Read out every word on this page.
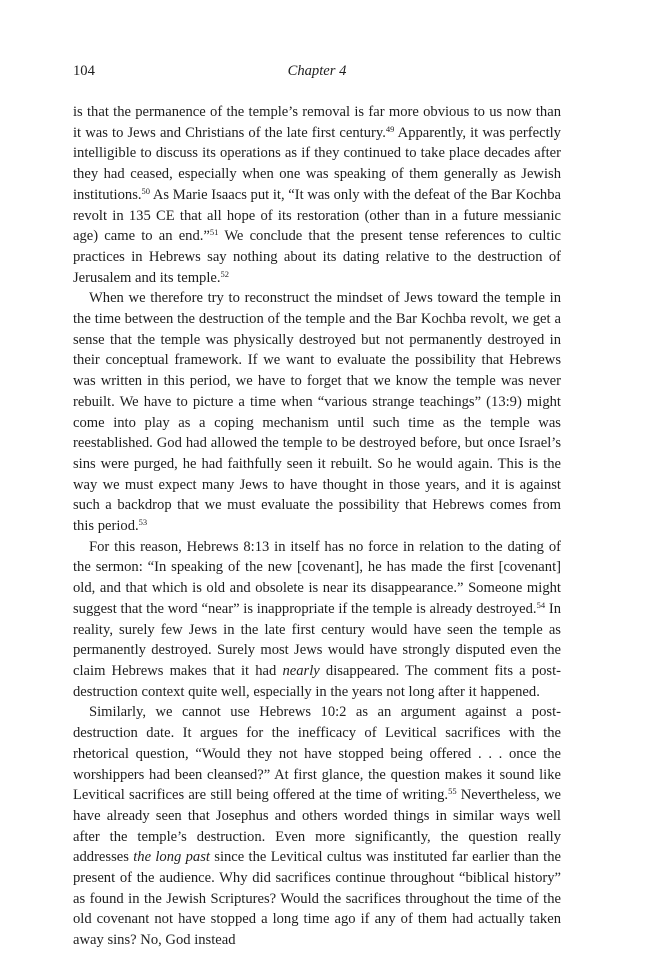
104	Chapter 4

is that the permanence of the temple’s removal is far more obvious to us now than it was to Jews and Christians of the late first century.$^{49}$ Apparently, it was perfectly intelligible to discuss its operations as if they continued to take place decades after they had ceased, especially when one was speaking of them generally as Jewish institutions.$^{50}$ As Marie Isaacs put it, “It was only with the defeat of the Bar Kochba revolt in 135 CE that all hope of its restoration (other than in a future messianic age) came to an end.”$^{51}$ We conclude that the present tense references to cultic practices in Hebrews say nothing about its dating relative to the destruction of Jerusalem and its temple.$^{52}$

When we therefore try to reconstruct the mindset of Jews toward the temple in the time between the destruction of the temple and the Bar Kochba revolt, we get a sense that the temple was physically destroyed but not permanently destroyed in their conceptual framework. If we want to evaluate the possibility that Hebrews was written in this period, we have to forget that we know the temple was never rebuilt. We have to picture a time when “various strange teachings” (13:9) might come into play as a coping mechanism until such time as the temple was reestablished. God had allowed the temple to be destroyed before, but once Israel’s sins were purged, he had faithfully seen it rebuilt. So he would again. This is the way we must expect many Jews to have thought in those years, and it is against such a backdrop that we must evaluate the possibility that Hebrews comes from this period.$^{53}$

For this reason, Hebrews 8:13 in itself has no force in relation to the dating of the sermon: “In speaking of the new [covenant], he has made the first [covenant] old, and that which is old and obsolete is near its disappearance.” Someone might suggest that the word “near” is inappropriate if the temple is already destroyed.$^{54}$ In reality, surely few Jews in the late first century would have seen the temple as permanently destroyed. Surely most Jews would have strongly disputed even the claim Hebrews makes that it had nearly disappeared. The comment fits a post-destruction context quite well, especially in the years not long after it happened.

Similarly, we cannot use Hebrews 10:2 as an argument against a post-destruction date. It argues for the inefficacy of Levitical sacrifices with the rhetorical question, “Would they not have stopped being offered . . . once the worshippers had been cleansed?” At first glance, the question makes it sound like Levitical sacrifices are still being offered at the time of writing.$^{55}$ Nevertheless, we have already seen that Josephus and others worded things in similar ways well after the temple’s destruction. Even more significantly, the question really addresses the long past since the Levitical cultus was instituted far earlier than the present of the audience. Why did sacrifices continue throughout “biblical history” as found in the Jewish Scriptures? Would the sacrifices throughout the time of the old covenant not have stopped a long time ago if any of them had actually taken away sins? No, God instead
